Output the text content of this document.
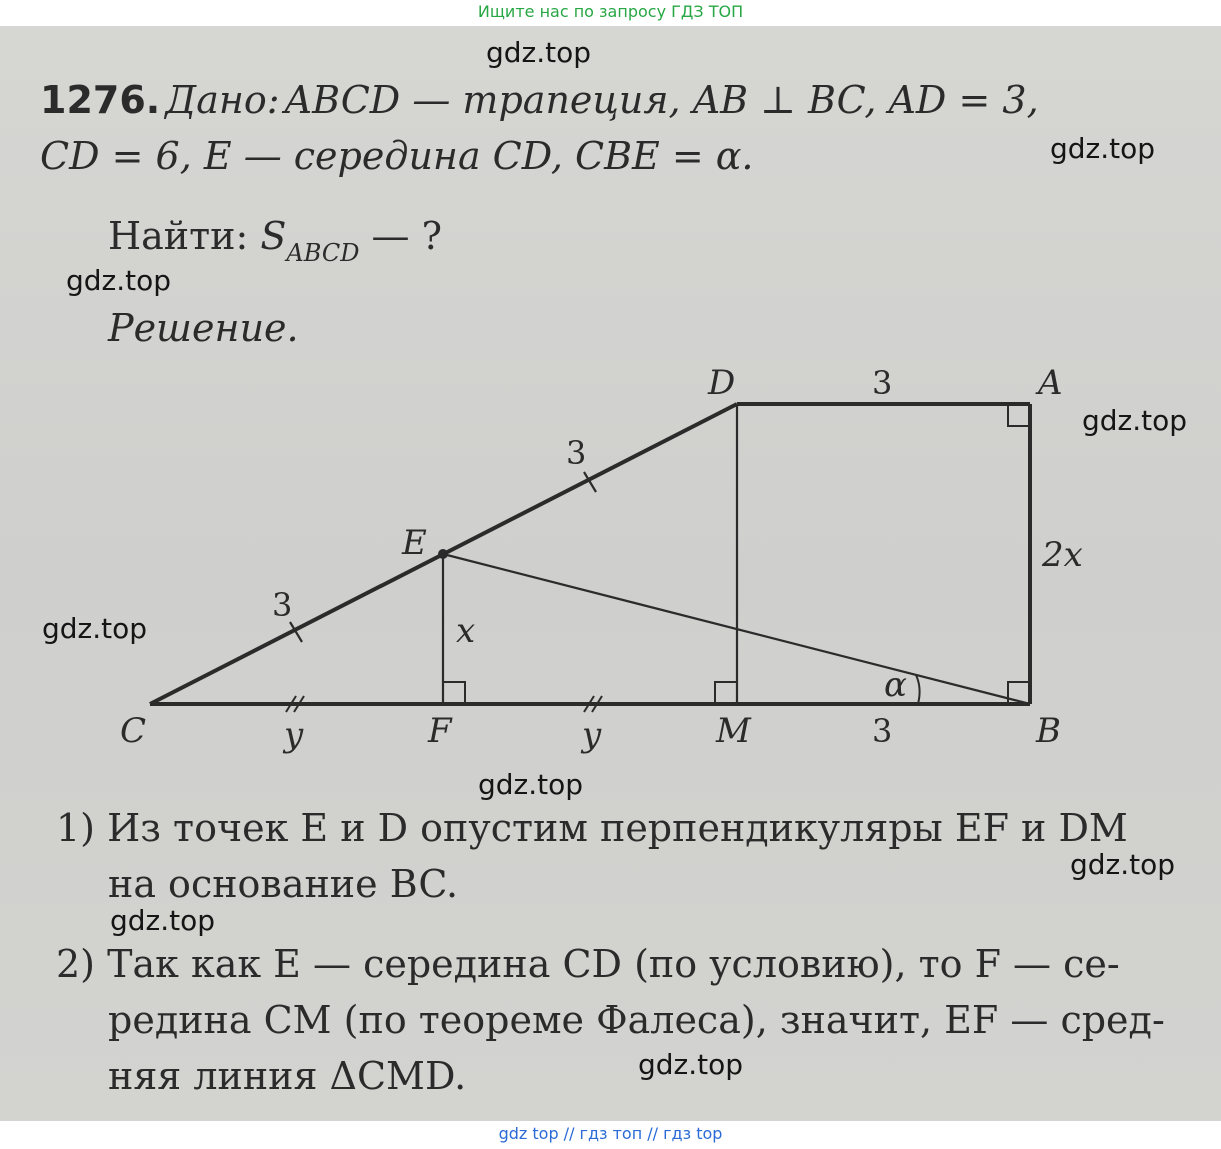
Ищите нас по запросу ГДЗ ТОП
1276. Дано: ABCD — трапеция, AB ⊥ BC, AD = 3,
CD = 6, E — середина CD, CBE = α.
Найти: $S_{ABCD}$ — ?
Решение.
C	y	F	y	M	3	B
D	3	A
2x
E
3
3
x
α
1) Из точек E и D опустим перпендикуляры EF и DM
на основание BC.
2) Так как E — середина CD (по условию), то F — се-
редина CM (по теореме Фалеса), значит, EF — сред-
няя линия ΔCMD.
gdz.top
gdz.top
gdz.top
gdz.top
gdz.top
gdz.top
gdz.top
gdz.top
gdz.top
gdz top // гдз топ // гдз top
